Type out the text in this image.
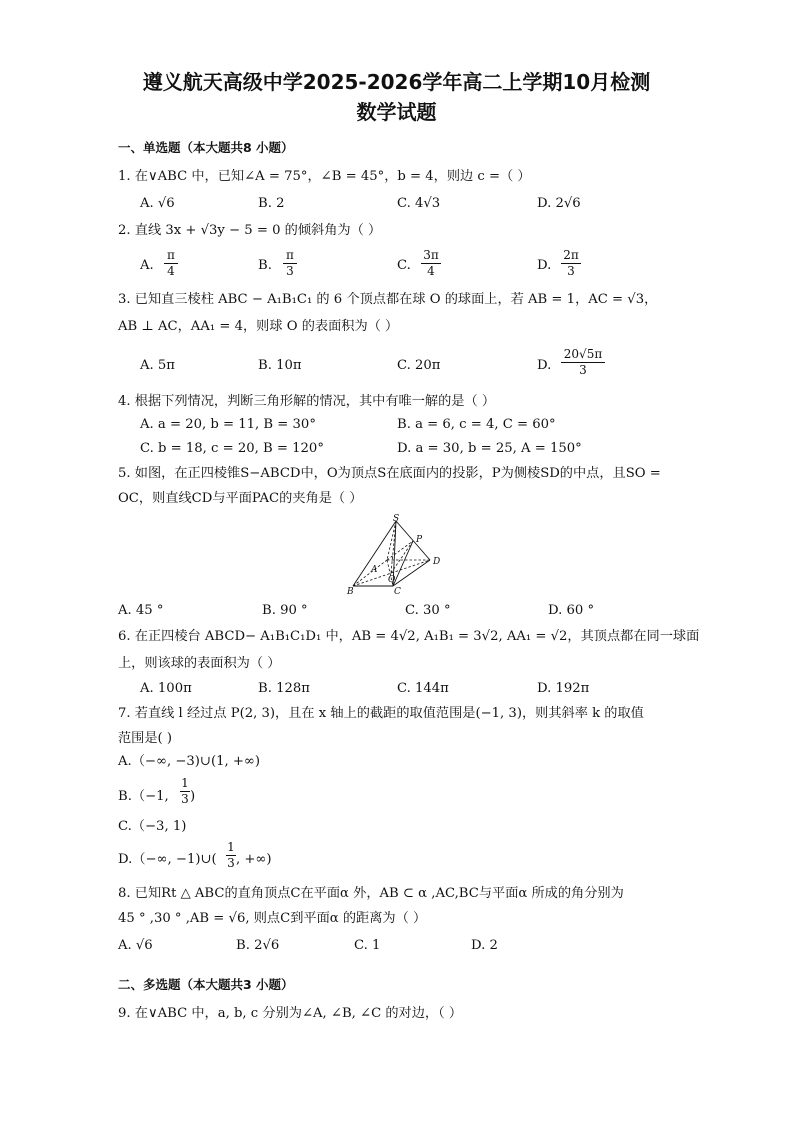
遵义航天高级中学2025-2026学年高二上学期10月检测
数学试题
一、单选题（本大题共8 小题）
1. 在∨ABC 中，已知∠A = 75°，∠B = 45°，b = 4，则边 c =（ ）
A. √6	B. 2	C. 4√3	D. 2√6
2. 直线 3x + √3y − 5 = 0 的倾斜角为（ ）
A.
π
4	B.
π
3	C.
3π
4	D.
2π
3
3. 已知直三棱柱 ABC − A₁B₁C₁ 的 6 个顶点都在球 O 的球面上，若 AB = 1，AC = √3，
AB ⊥ AC，AA₁ = 4，则球 O 的表面积为（ ）
A. 5π	B. 10π	C. 20π	D.
20√5π
3
4. 根据下列情况，判断三角形解的情况，其中有唯一解的是（ ）
A. a = 20, b = 11, B = 30°	B. a = 6, c = 4, C = 60°
C. b = 18, c = 20, B = 120°	D. a = 30, b = 25, A = 150°
5. 如图，在正四棱锥S−ABCD中，O为顶点S在底面内的投影，P为侧棱SD的中点，且SO =
OC，则直线CD与平面PAC的夹角是（ ）
S
P
D
A
O
B	C
A. 45 °	B. 90 °	C. 30 °	D. 60 °
6. 在正四棱台 ABCD− A₁B₁C₁D₁ 中，AB = 4√2, A₁B₁ = 3√2, AA₁ = √2，其顶点都在同一球面
上，则该球的表面积为（ ）
A. 100π	B. 128π	C. 144π	D. 192π
7. 若直线 l 经过点 P(2, 3)，且在 x 轴上的截距的取值范围是(−1, 3)，则其斜率 k 的取值
范围是( )
A.（−∞, −3)∪(1, +∞)
B.（−1,
1
3 )
C.（−3, 1)
D.（−∞, −1)∪(
1
3 , +∞)
8. 已知Rt △ ABC的直角顶点C在平面α 外，AB ⊂ α ,AC,BC与平面α 所成的角分别为
45 ° ,30 ° ,AB = √6, 则点C到平面α 的距离为（ ）
A. √6	B. 2√6	C. 1	D. 2
二、多选题（本大题共3 小题）
9. 在∨ABC 中，a, b, c 分别为∠A, ∠B, ∠C 的对边，（ ）
